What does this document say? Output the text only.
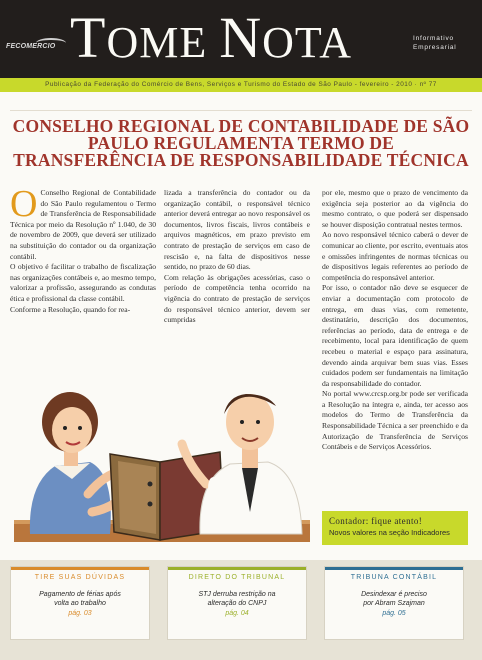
FECOMERCIO TOME NOTA	Informativo
Empresarial
Publicação da Federação do Comércio de Bens, Serviços e Turismo do Estado de São Paulo - fevereiro - 2010 · nº 77
CONSELHO REGIONAL DE CONTABILIDADE DE SÃO PAULO REGULAMENTA TERMO DE TRANSFERÊNCIA DE RESPONSABILIDADE TÉCNICA

O Conselho Regional de Contabilidade do São Paulo regulamentou o Termo de Transferência de Responsabilidade Técnica por meio da Resolução nº 1.040, de 30 de novembro de 2009, que deverá ser utilizado na substituição do contador ou da organização contábil.

O objetivo é facilitar o trabalho de fiscalização nas organizações contábeis e, ao mesmo tempo, valorizar a profissão, assegurando as condutas ética e profissional da classe contábil.

Conforme a Resolução, quando for rea-

lizada a transferência do contador ou da organização contábil, o responsável técnico anterior deverá entregar ao novo responsável os documentos, livros fiscais, livros contábeis e arquivos magnéticos, em prazo previsto em contrato de prestação de serviços em caso de rescisão e, na falta de dispositivos nesse sentido, no prazo de 60 dias.

Com relação às obrigações acessórias, caso o período de competência tenha ocorrido na vigência do contrato de prestação de serviços do responsável técnico anterior, devem ser cumpridas

por ele, mesmo que o prazo de vencimento da exigência seja posterior ao da vigência do mesmo contrato, o que poderá ser dispensado se houver disposição contratual nestes termos.

Ao novo responsável técnico caberá o dever de comunicar ao cliente, por escrito, eventuais atos e omissões infringentes de normas técnicas ou de dispositivos legais referentes ao período de competência do responsável anterior.

Por isso, o contador não deve se esquecer de enviar a documentação com protocolo de entrega, em duas vias, com remetente, destinatário, descrição dos documentos, referências ao período, data de entrega e de recebimento, local para identificação de quem recebeu o material e espaço para assinatura, devendo ainda arquivar bem suas vias. Esses cuidados podem ser fundamentais na limitação da responsabilidade do contador.

No portal www.crcsp.org.br pode ser verificada a Resolução na íntegra e, ainda, ter acesso aos modelos do Termo de Transferência da Responsabilidade Técnica a ser preenchido e da Autorização de Transferência de Serviços Contábeis e de Serviços Acessórios.

Contador: fique atento!
Novos valores na seção Indicadores
TIRE SUAS DÚVIDAS
Pagamento de férias após
volta ao trabalho
pág. 03
DIRETO DO TRIBUNAL
STJ derruba restrição na
alteração do CNPJ
pág. 04
TRIBUNA CONTÁBIL
Desindexar é preciso
por Abram Szajman
pág. 05
